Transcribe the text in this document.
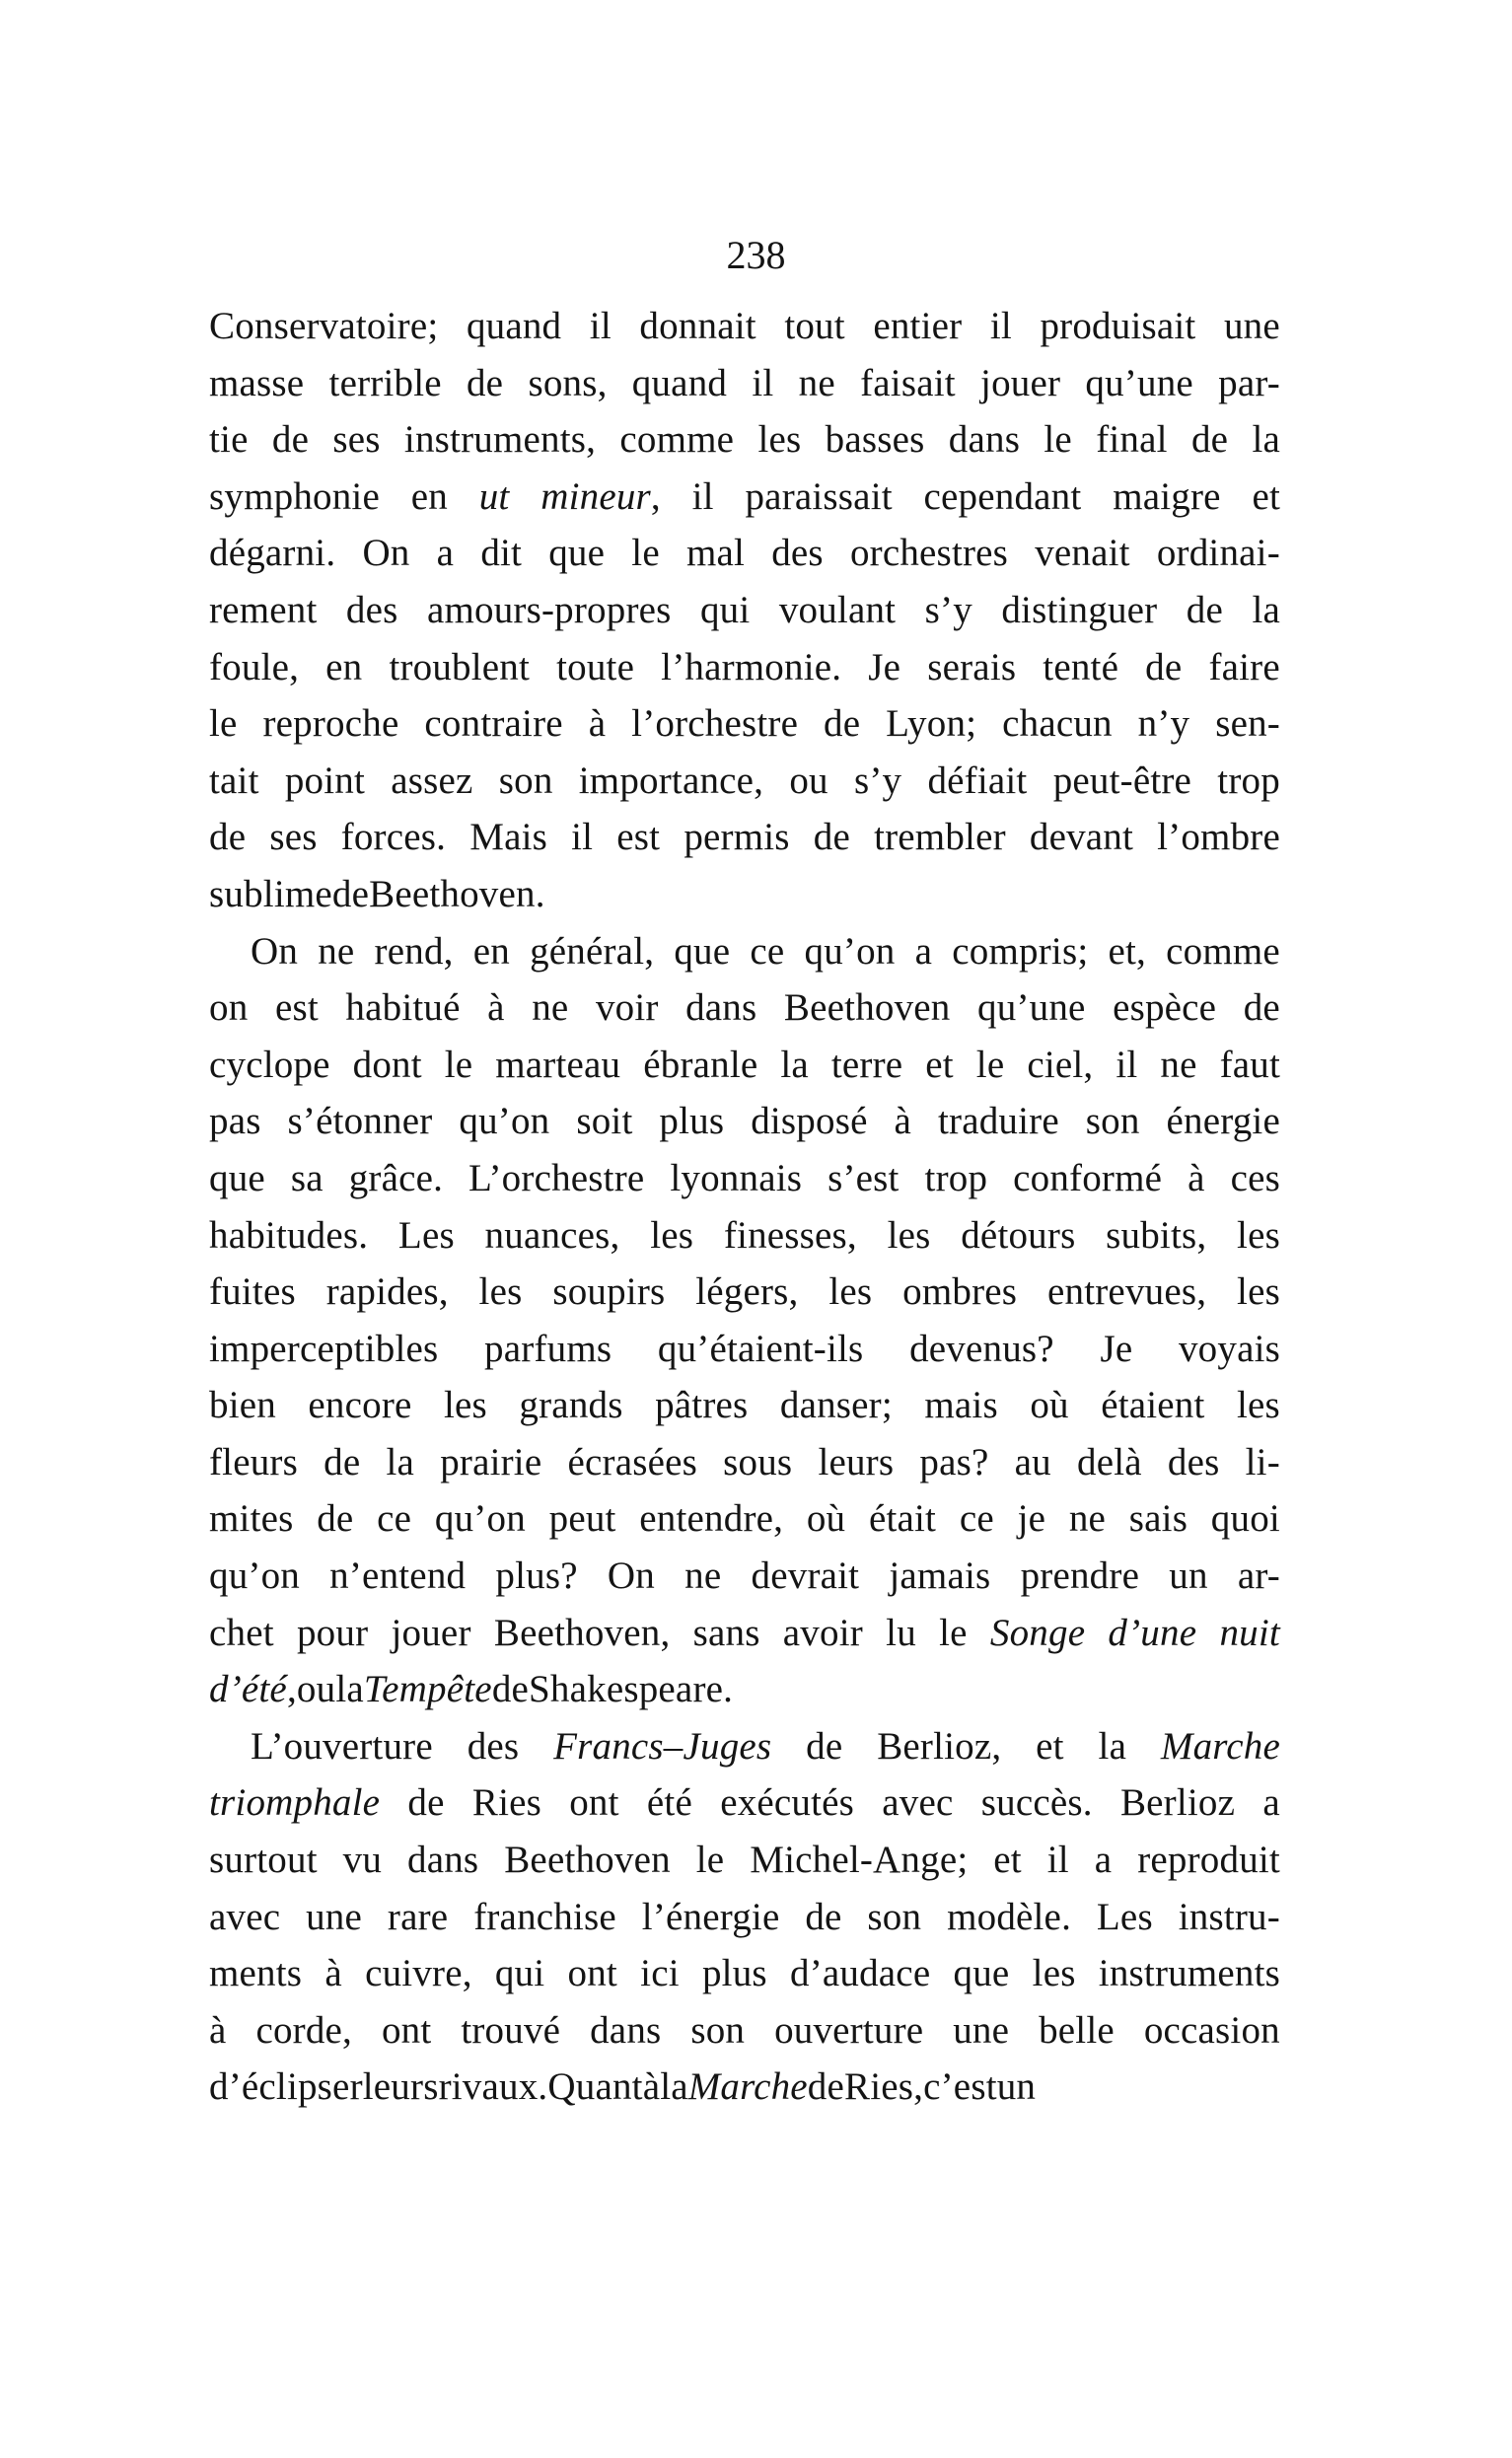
238
Conservatoire; quand il donnait tout entier il produisait une
masse terrible de sons, quand il ne faisait jouer qu’une par-
tie de ses instruments, comme les basses dans le final de la
symphonie en ut mineur, il paraissait cependant maigre et
dégarni. On a dit que le mal des orchestres venait ordinai-
rement des amours-propres qui voulant s’y distinguer de la
foule, en troublent toute l’harmonie. Je serais tenté de faire
le reproche contraire à l’orchestre de Lyon; chacun n’y sen-
tait point assez son importance, ou s’y défiait peut-être trop
de ses forces. Mais il est permis de trembler devant l’ombre
sublime de Beethoven.
On ne rend, en général, que ce qu’on a compris; et, comme
on est habitué à ne voir dans Beethoven qu’une espèce de
cyclope dont le marteau ébranle la terre et le ciel, il ne faut
pas s’étonner qu’on soit plus disposé à traduire son énergie
que sa grâce. L’orchestre lyonnais s’est trop conformé à ces
habitudes. Les nuances, les finesses, les détours subits, les
fuites rapides, les soupirs légers, les ombres entrevues, les
imperceptibles parfums qu’étaient-ils devenus? Je voyais
bien encore les grands pâtres danser; mais où étaient les
fleurs de la prairie écrasées sous leurs pas? au delà des li-
mites de ce qu’on peut entendre, où était ce je ne sais quoi
qu’on n’entend plus? On ne devrait jamais prendre un ar-
chet pour jouer Beethoven, sans avoir lu le Songe d’une nuit
d’été, ou la Tempête de Shakespeare.
L’ouverture des Francs–Juges de Berlioz, et la Marche
triomphale de Ries ont été exécutés avec succès. Berlioz a
surtout vu dans Beethoven le Michel-Ange; et il a reproduit
avec une rare franchise l’énergie de son modèle. Les instru-
ments à cuivre, qui ont ici plus d’audace que les instruments
à corde, ont trouvé dans son ouverture une belle occasion
d’éclipser leurs rivaux. Quant à la Marche de Ries, c’est un
